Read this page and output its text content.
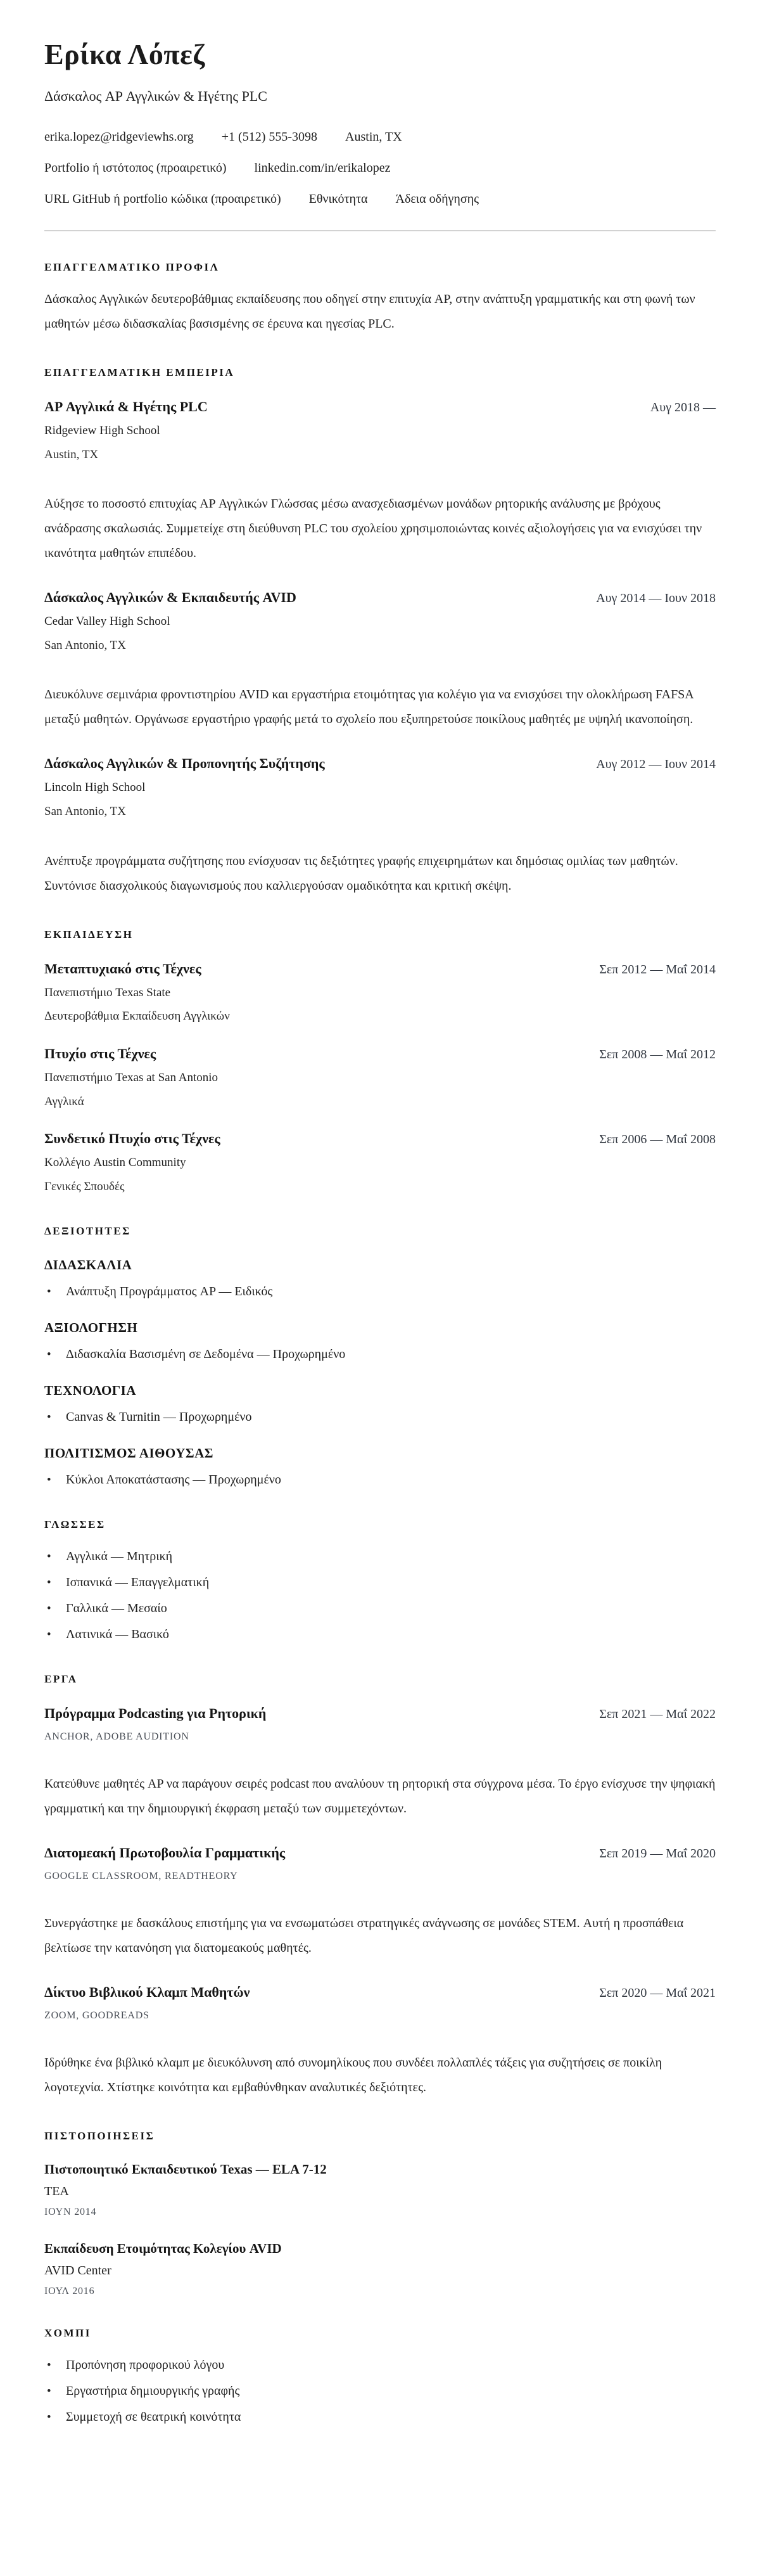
Ερίκα Λόπεζ
Δάσκαλος AP Αγγλικών & Ηγέτης PLC
erika.lopez@ridgeviewhs.org +1 (512) 555-3098 Austin, TX
Portfolio ή ιστότοπος (προαιρετικό) linkedin.com/in/erikalopez
URL GitHub ή portfolio κώδικα (προαιρετικό) Εθνικότητα Άδεια οδήγησης
ΕΠΑΓΓΕΛΜΑΤΙΚΟ ΠΡΟΦΙΛ

Δάσκαλος Αγγλικών δευτεροβάθμιας εκπαίδευσης που οδηγεί στην επιτυχία AP, στην ανάπτυξη γραμματικής και στη φωνή των μαθητών μέσω διδασκαλίας βασισμένης σε έρευνα και ηγεσίας PLC.

ΕΠΑΓΓΕΛΜΑΤΙΚΗ ΕΜΠΕΙΡΙΑ
AP Αγγλικά & Ηγέτης PLC	Αυγ 2018 —
Ridgeview High School
Austin, TX

Αύξησε το ποσοστό επιτυχίας AP Αγγλικών Γλώσσας μέσω ανασχεδιασμένων μονάδων ρητορικής ανάλυσης με βρόχους ανάδρασης σκαλωσιάς. Συμμετείχε στη διεύθυνση PLC του σχολείου χρησιμοποιώντας κοινές αξιολογήσεις για να ενισχύσει την ικανότητα μαθητών επιπέδου.

Δάσκαλος Αγγλικών & Εκπαιδευτής AVID	Αυγ 2014 — Ιουν 2018
Cedar Valley High School
San Antonio, TX

Διευκόλυνε σεμινάρια φροντιστηρίου AVID και εργαστήρια ετοιμότητας για κολέγιο για να ενισχύσει την ολοκλήρωση FAFSA μεταξύ μαθητών. Οργάνωσε εργαστήριο γραφής μετά το σχολείο που εξυπηρετούσε ποικίλους μαθητές με υψηλή ικανοποίηση.

Δάσκαλος Αγγλικών & Προπονητής Συζήτησης	Αυγ 2012 — Ιουν 2014
Lincoln High School
San Antonio, TX

Ανέπτυξε προγράμματα συζήτησης που ενίσχυσαν τις δεξιότητες γραφής επιχειρημάτων και δημόσιας ομιλίας των μαθητών. Συντόνισε διασχολικούς διαγωνισμούς που καλλιεργούσαν ομαδικότητα και κριτική σκέψη.

ΕΚΠΑΙΔΕΥΣΗ
Μεταπτυχιακό στις Τέχνες	Σεπ 2012 — Μαΐ 2014
Πανεπιστήμιο Texas State
Δευτεροβάθμια Εκπαίδευση Αγγλικών
Πτυχίο στις Τέχνες	Σεπ 2008 — Μαΐ 2012
Πανεπιστήμιο Texas at San Antonio
Αγγλικά
Συνδετικό Πτυχίο στις Τέχνες	Σεπ 2006 — Μαΐ 2008
Κολλέγιο Austin Community
Γενικές Σπουδές
ΔΕΞΙΟΤΗΤΕΣ
ΔΙΔΑΣΚΑΛΙΑ
• Ανάπτυξη Προγράμματος AP — Ειδικός
ΑΞΙΟΛΟΓΗΣΗ
• Διδασκαλία Βασισμένη σε Δεδομένα — Προχωρημένο
ΤΕΧΝΟΛΟΓΙΑ
• Canvas & Turnitin — Προχωρημένο
ΠΟΛΙΤΙΣΜΟΣ ΑΙΘΟΥΣΑΣ
• Κύκλοι Αποκατάστασης — Προχωρημένο
ΓΛΩΣΣΕΣ
• Αγγλικά — Μητρική
• Ισπανικά — Επαγγελματική
• Γαλλικά — Μεσαίο
• Λατινικά — Βασικό
ΕΡΓΑ
Πρόγραμμα Podcasting για Ρητορική	Σεπ 2021 — Μαΐ 2022
ANCHOR, ADOBE AUDITION

Κατεύθυνε μαθητές AP να παράγουν σειρές podcast που αναλύουν τη ρητορική στα σύγχρονα μέσα. Το έργο ενίσχυσε την ψηφιακή γραμματική και την δημιουργική έκφραση μεταξύ των συμμετεχόντων.

Διατομεακή Πρωτοβουλία Γραμματικής	Σεπ 2019 — Μαΐ 2020
GOOGLE CLASSROOM, READTHEORY

Συνεργάστηκε με δασκάλους επιστήμης για να ενσωματώσει στρατηγικές ανάγνωσης σε μονάδες STEM. Αυτή η προσπάθεια βελτίωσε την κατανόηση για διατομεακούς μαθητές.

Δίκτυο Βιβλικού Κλαμπ Μαθητών	Σεπ 2020 — Μαΐ 2021
ZOOM, GOODREADS

Ιδρύθηκε ένα βιβλικό κλαμπ με διευκόλυνση από συνομηλίκους που συνδέει πολλαπλές τάξεις για συζητήσεις σε ποικίλη λογοτεχνία. Χτίστηκε κοινότητα και εμβαθύνθηκαν αναλυτικές δεξιότητες.

ΠΙΣΤΟΠΟΙΗΣΕΙΣ
Πιστοποιητικό Εκπαιδευτικού Texas — ELA 7-12
TEA
ΙΟΥΝ 2014
Εκπαίδευση Ετοιμότητας Κολεγίου AVID
AVID Center
ΙΟΥΛ 2016
ΧΟΜΠΙ
• Προπόνηση προφορικού λόγου
• Εργαστήρια δημιουργικής γραφής
• Συμμετοχή σε θεατρική κοινότητα
